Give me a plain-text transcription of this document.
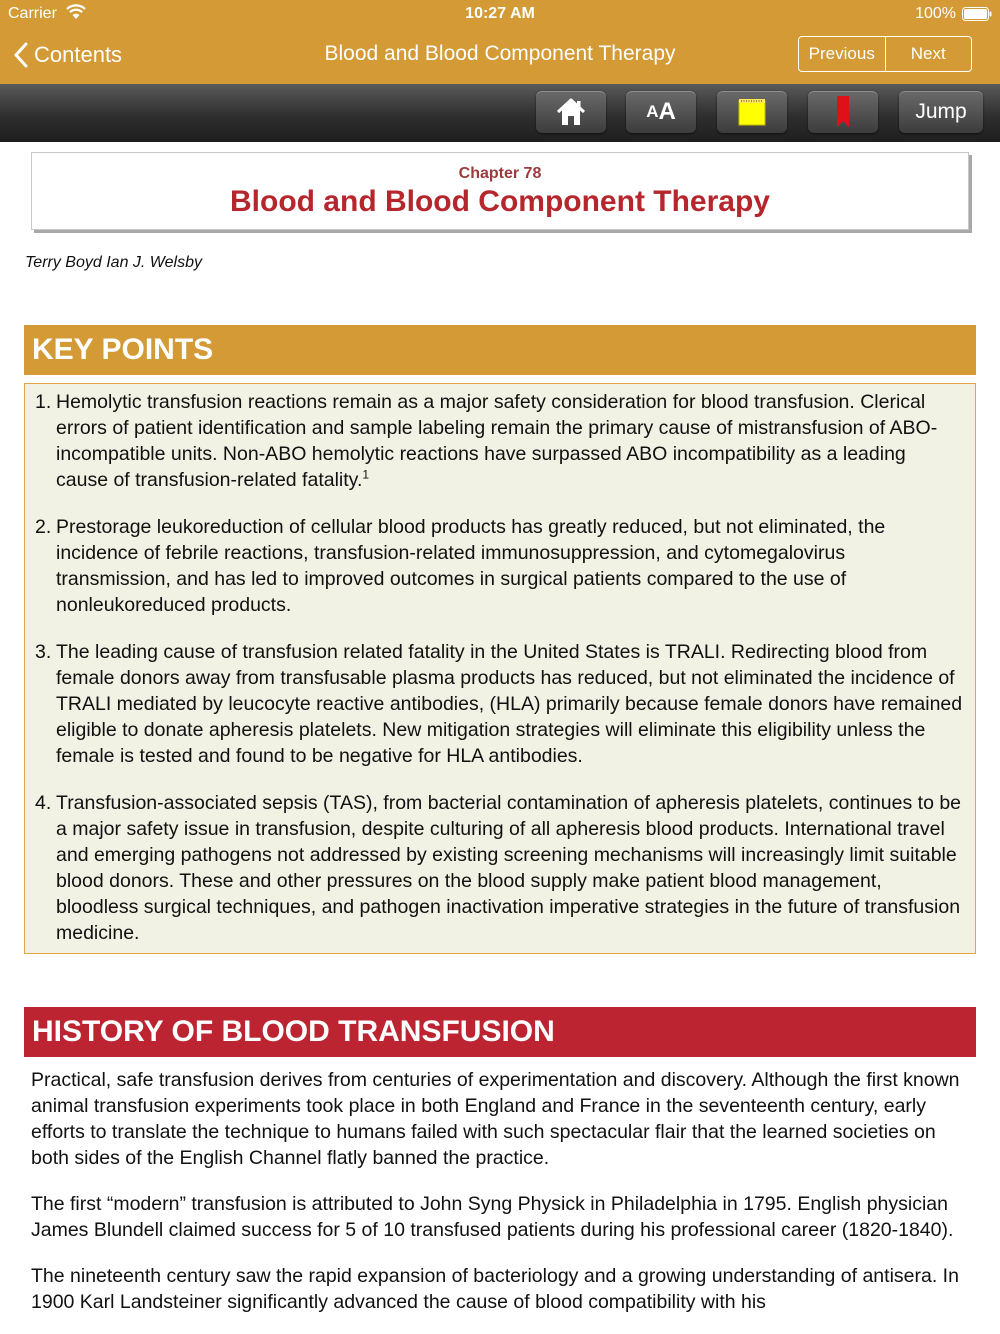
Carrier	10:27 AM	100%
Contents	Blood and Blood Component Therapy	Previous	Next
A A	Jump
Chapter 78
Blood and Blood Component Therapy
Terry Boyd Ian J. Welsby
KEY POINTS
1. Hemolytic transfusion reactions remain as a major safety consideration for blood transfusion. Clerical errors of patient identification and sample labeling remain the primary cause of mistransfusion of ABO-incompatible units. Non-ABO hemolytic reactions have surpassed ABO incompatibility as a leading cause of transfusion-related fatality.$^1$
2. Prestorage leukoreduction of cellular blood products has greatly reduced, but not eliminated, the incidence of febrile reactions, transfusion-related immunosuppression, and cytomegalovirus transmission, and has led to improved outcomes in surgical patients compared to the use of nonleukoreduced products.
3. The leading cause of transfusion related fatality in the United States is TRALI. Redirecting blood from female donors away from transfusable plasma products has reduced, but not eliminated the incidence of TRALI mediated by leucocyte reactive antibodies, (HLA) primarily because female donors have remained eligible to donate apheresis platelets. New mitigation strategies will eliminate this eligibility unless the female is tested and found to be negative for HLA antibodies.
4. Transfusion-associated sepsis (TAS), from bacterial contamination of apheresis platelets, continues to be a major safety issue in transfusion, despite culturing of all apheresis blood products. International travel and emerging pathogens not addressed by existing screening mechanisms will increasingly limit suitable blood donors. These and other pressures on the blood supply make patient blood management, bloodless surgical techniques, and pathogen inactivation imperative strategies in the future of transfusion medicine.
HISTORY OF BLOOD TRANSFUSION

Practical, safe transfusion derives from centuries of experimentation and discovery. Although the first known animal transfusion experiments took place in both England and France in the seventeenth century, early efforts to translate the technique to humans failed with such spectacular flair that the learned societies on both sides of the English Channel flatly banned the practice.

The first “modern” transfusion is attributed to John Syng Physick in Philadelphia in 1795. English physician James Blundell claimed success for 5 of 10 transfused patients during his professional career (1820-1840).

The nineteenth century saw the rapid expansion of bacteriology and a growing understanding of antisera. In 1900 Karl Landsteiner significantly advanced the cause of blood compatibility with his
